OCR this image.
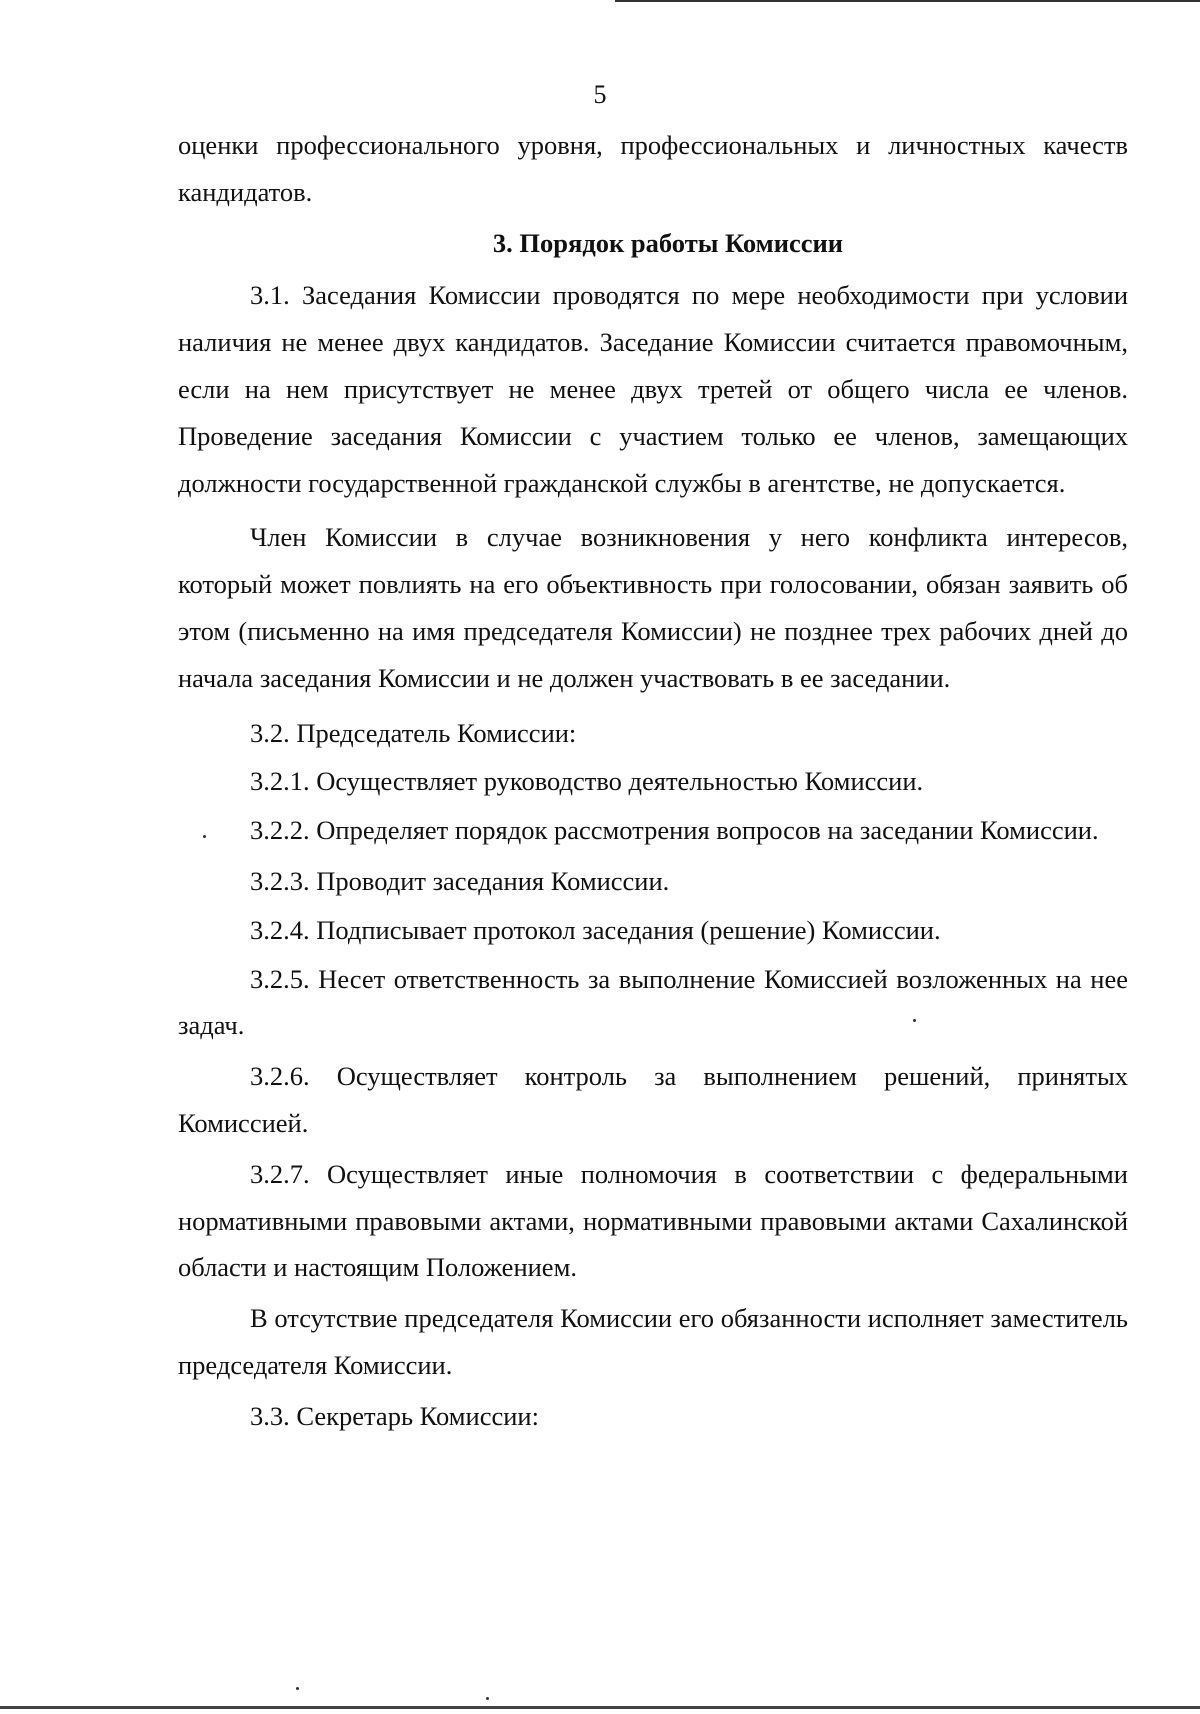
5

оценки профессионального уровня, профессиональных и личностных качеств кандидатов.

3. Порядок работы Комиссии

3.1. Заседания Комиссии проводятся по мере необходимости при условии наличия не менее двух кандидатов. Заседание Комиссии считается правомочным, если на нем присутствует не менее двух третей от общего числа ее членов. Проведение заседания Комиссии с участием только ее членов, замещающих должности государственной гражданской службы в агентстве, не допускается.

Член Комиссии в случае возникновения у него конфликта интересов, который может повлиять на его объективность при голосовании, обязан заявить об этом (письменно на имя председателя Комиссии) не позднее трех рабочих дней до начала заседания Комиссии и не должен участвовать в ее заседании.

3.2. Председатель Комиссии:

3.2.1. Осуществляет руководство деятельностью Комиссии.

3.2.2. Определяет порядок рассмотрения вопросов на заседании Комиссии.

3.2.3. Проводит заседания Комиссии.

3.2.4. Подписывает протокол заседания (решение) Комиссии.

3.2.5. Несет ответственность за выполнение Комиссией возложенных на нее задач.

3.2.6. Осуществляет контроль за выполнением решений, принятых Комиссией.

3.2.7. Осуществляет иные полномочия в соответствии с федеральными нормативными правовыми актами, нормативными правовыми актами Сахалинской области и настоящим Положением.

В отсутствие председателя Комиссии его обязанности исполняет заместитель председателя Комиссии.

3.3. Секретарь Комиссии:
